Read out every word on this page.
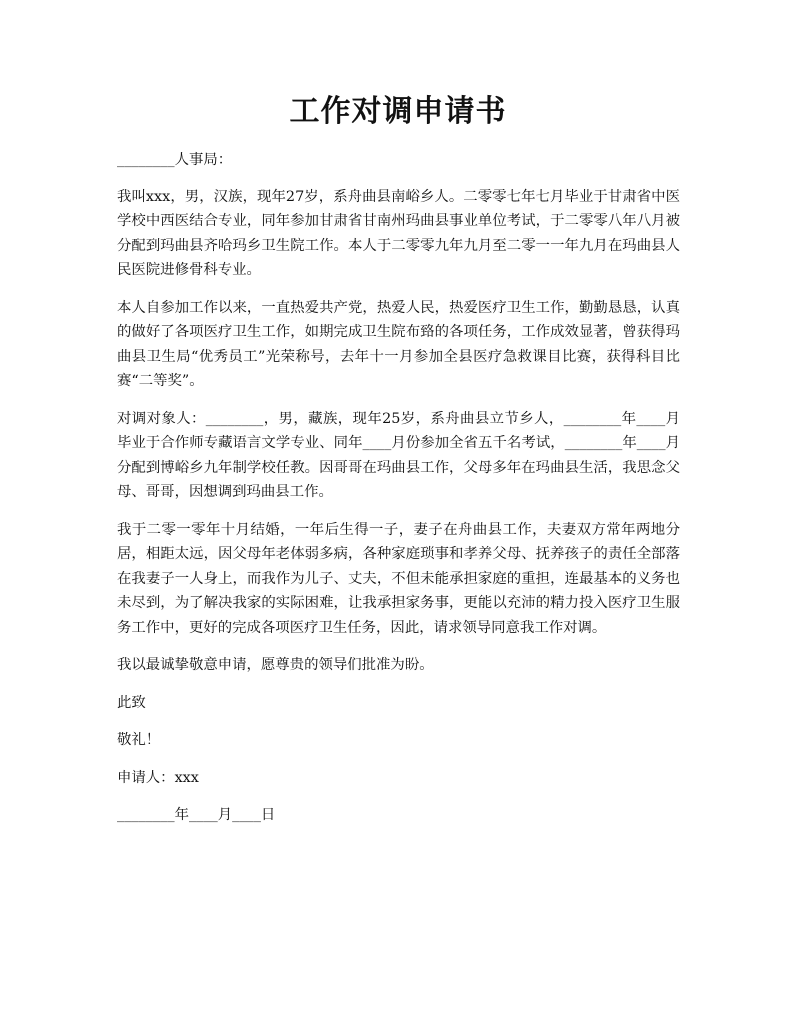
工作对调申请书

________人事局：

我叫xxx，男，汉族，现年27岁，系舟曲县南峪乡人。二零零七年七月毕业于甘肃省中医学校中西医结合专业，同年参加甘肃省甘南州玛曲县事业单位考试，于二零零八年八月被分配到玛曲县齐哈玛乡卫生院工作。本人于二零零九年九月至二零一一年九月在玛曲县人民医院进修骨科专业。

本人自参加工作以来，一直热爱共产党，热爱人民，热爱医疗卫生工作，勤勤恳恳，认真的做好了各项医疗卫生工作，如期完成卫生院布臵的各项任务，工作成效显著，曾获得玛曲县卫生局“优秀员工”光荣称号，去年十一月参加全县医疗急救课目比赛，获得科目比赛“二等奖”。

对调对象人：________，男，藏族，现年25岁，系舟曲县立节乡人，________年____月毕业于合作师专藏语言文学专业、同年____月份参加全省五千名考试，________年____月分配到博峪乡九年制学校任教。因哥哥在玛曲县工作，父母多年在玛曲县生活，我思念父母、哥哥，因想调到玛曲县工作。

我于二零一零年十月结婚，一年后生得一子，妻子在舟曲县工作，夫妻双方常年两地分居，相距太远，因父母年老体弱多病，各种家庭琐事和孝养父母、抚养孩子的责任全部落在我妻子一人身上，而我作为儿子、丈夫，不但未能承担家庭的重担，连最基本的义务也未尽到，为了解决我家的实际困难，让我承担家务事，更能以充沛的精力投入医疗卫生服务工作中，更好的完成各项医疗卫生任务，因此，请求领导同意我工作对调。

我以最诚挚敬意申请，愿尊贵的领导们批准为盼。

此致

敬礼！

申请人：xxx

________年____月____日
